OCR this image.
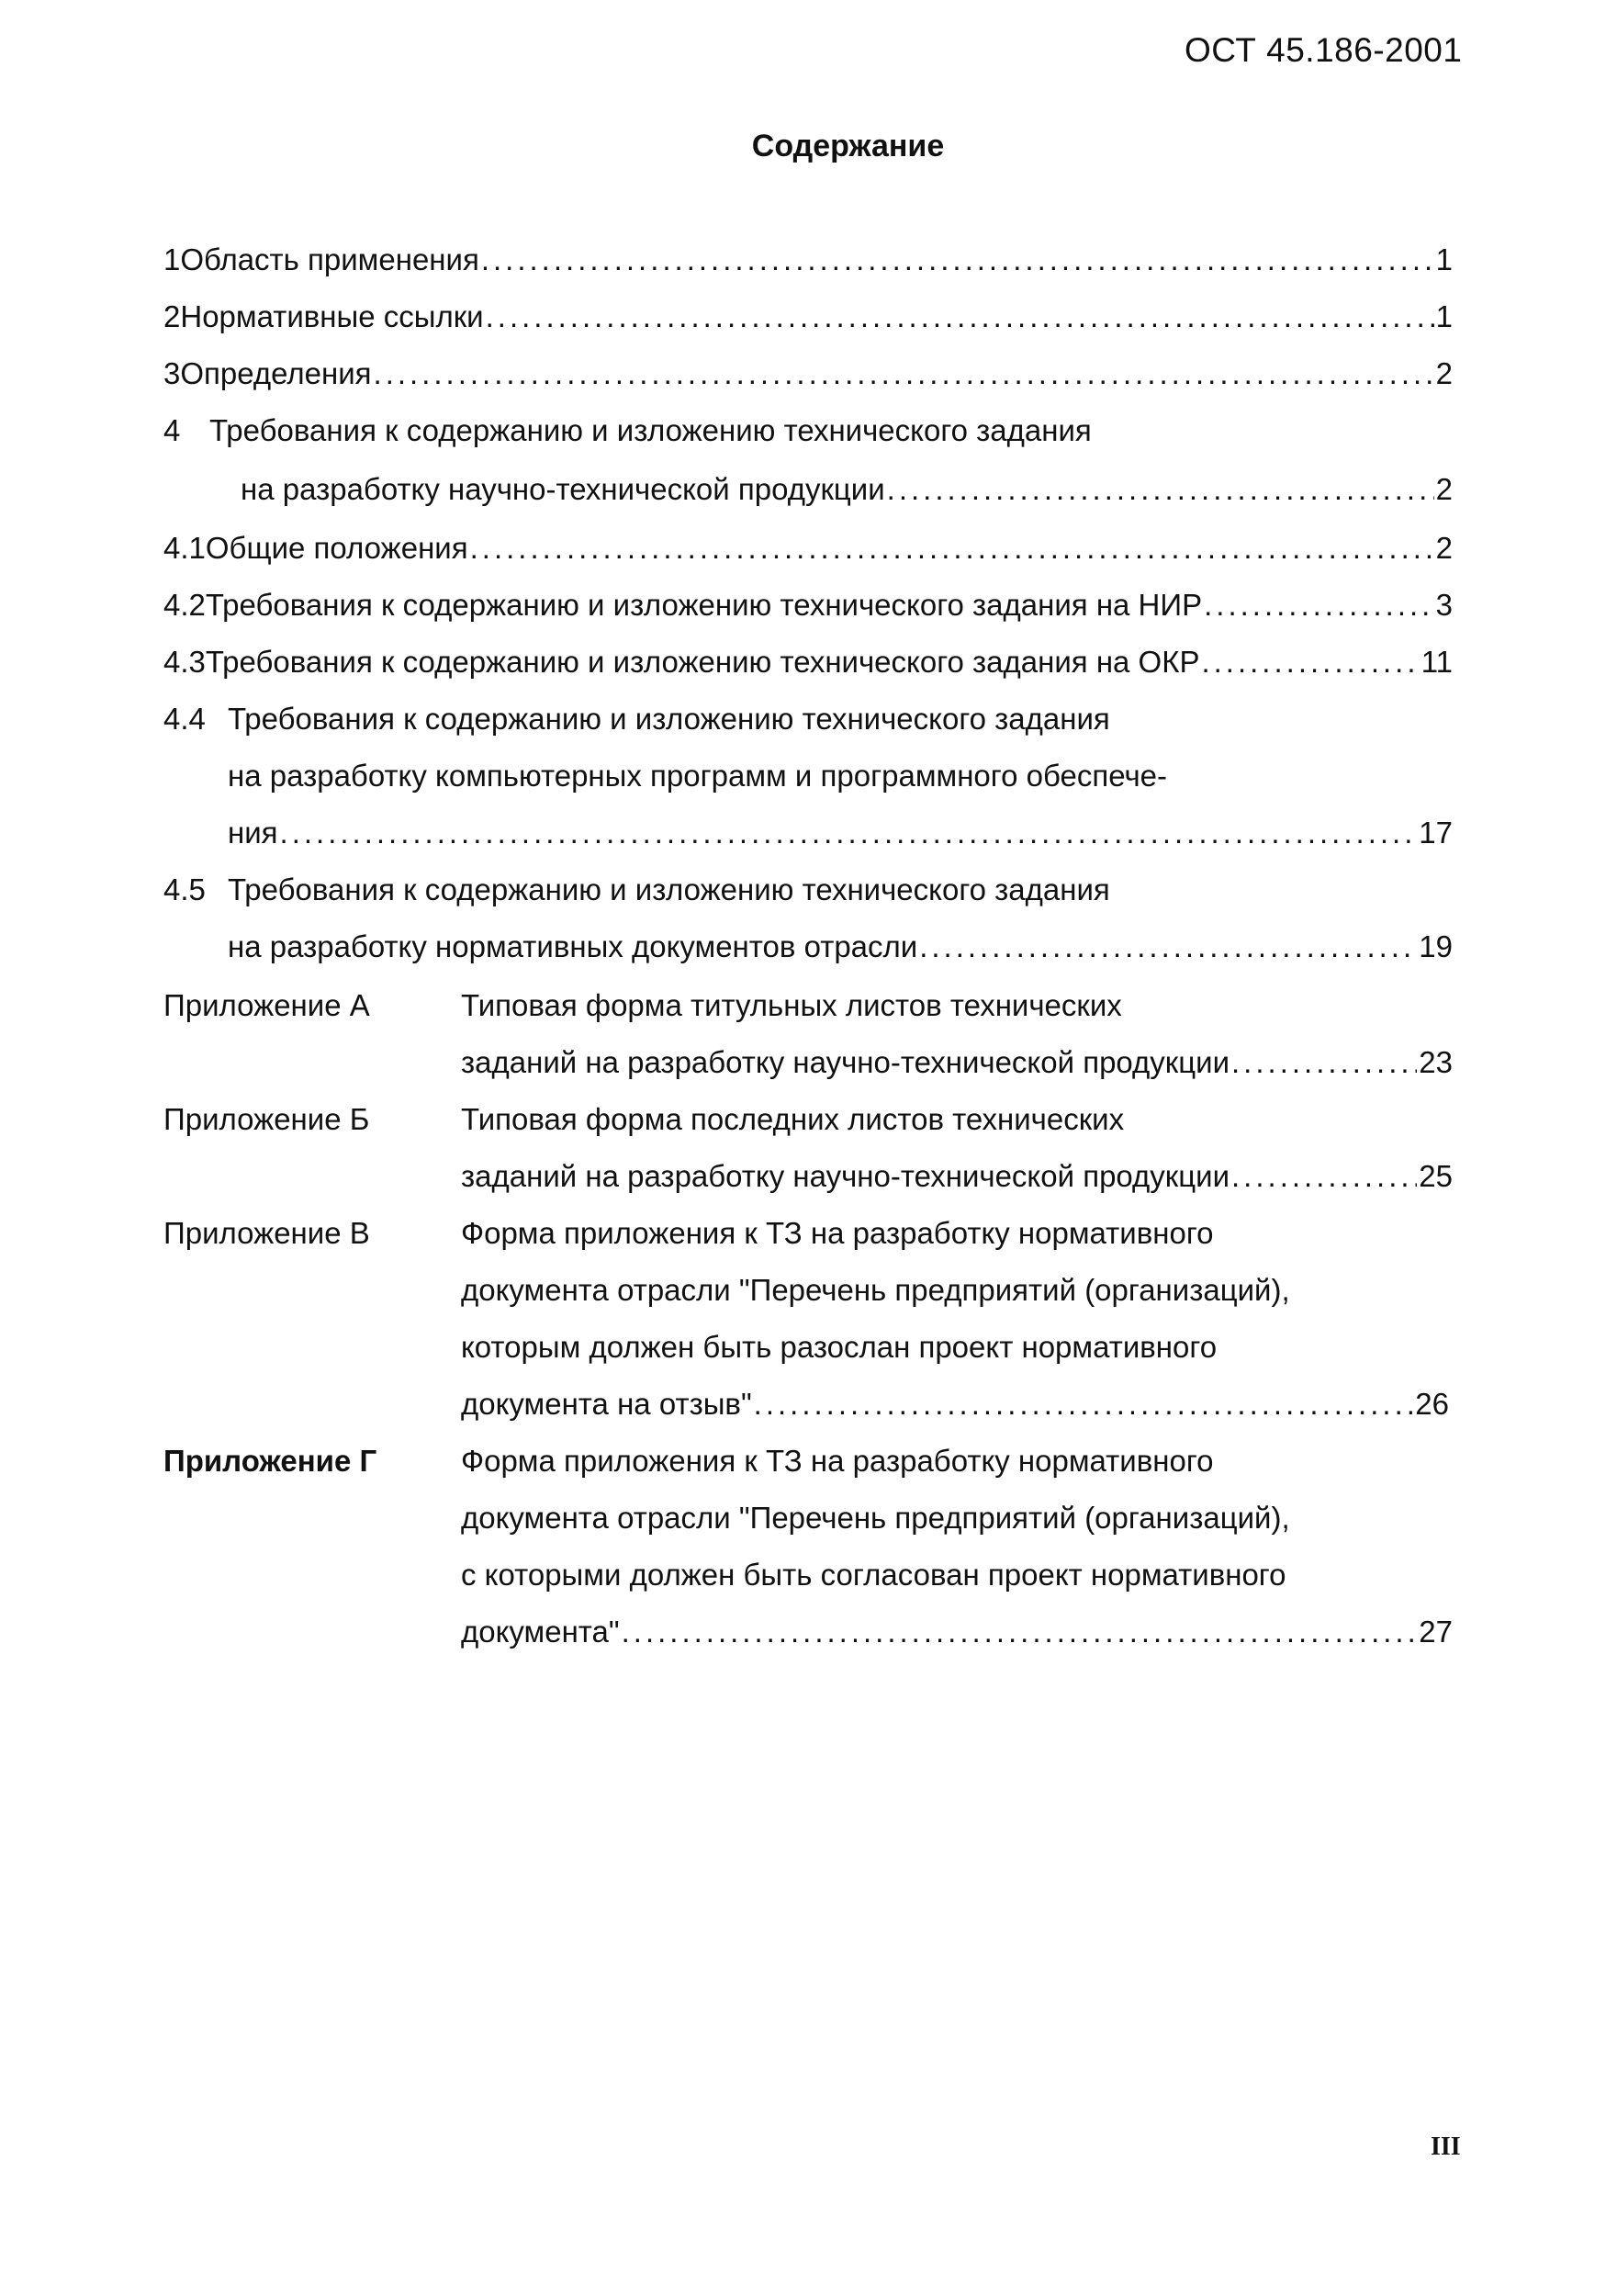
ОСТ 45.186-2001
Содержание
1 Область применения .....	1
2 Нормативные ссылки .....	1
3 Определения .....	2
4 Требования к содержанию и изложению технического задания
на разработку научно-технической продукции .....	2
4.1 Общие положения .....	2
4.2 Требования к содержанию и изложению технического задания на НИР .....	3
4.3 Требования к содержанию и изложению технического задания на ОКР .....	11
4.4 Требования к содержанию и изложению технического задания
на разработку компьютерных программ и программного обеспече-
ния .....	17
4.5 Требования к содержанию и изложению технического задания
на разработку нормативных документов отрасли .....	19
Приложение А	Типовая форма титульных листов технических
заданий на разработку научно-технической продукции .....	23
Приложение Б	Типовая форма последних листов технических
заданий на разработку научно-технической продукции .....	25
Приложение В	Форма приложения к ТЗ на разработку нормативного
документа отрасли "Перечень предприятий (организаций),
которым должен быть разослан проект нормативного
документа на отзыв" .....	26
Приложение Г	Форма приложения к ТЗ на разработку нормативного
документа отрасли "Перечень предприятий (организаций),
с которыми должен быть согласован проект нормативного
документа" .....	27
III
